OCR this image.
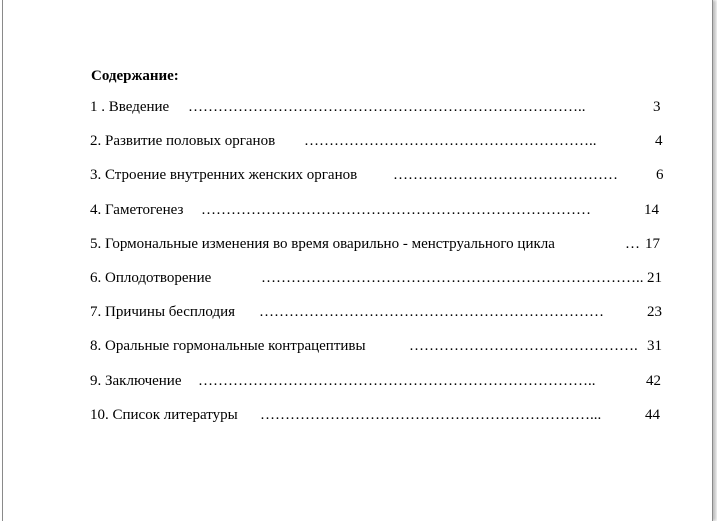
Содержание:
1 . Введение ……………………………………………………………………..	3
2. Развитие половых органов …………………………………………………..	4
3. Строение внутренних женских органов ………………………………………	6
4. Гаметогенез ……………………………………………………………………	14
5. Гормональные изменения во время оварильно - менструального цикла	… 17
6. Оплодотворение	………………………………………………………………….. 21
7. Причины бесплодия ……………………………………………………………	23
8. Оральные гормональные контрацептивы	………………………………………. 31
9. Заключение ……………………………………………………………………..	42
10. Список литературы …………………………………………………………...	44
